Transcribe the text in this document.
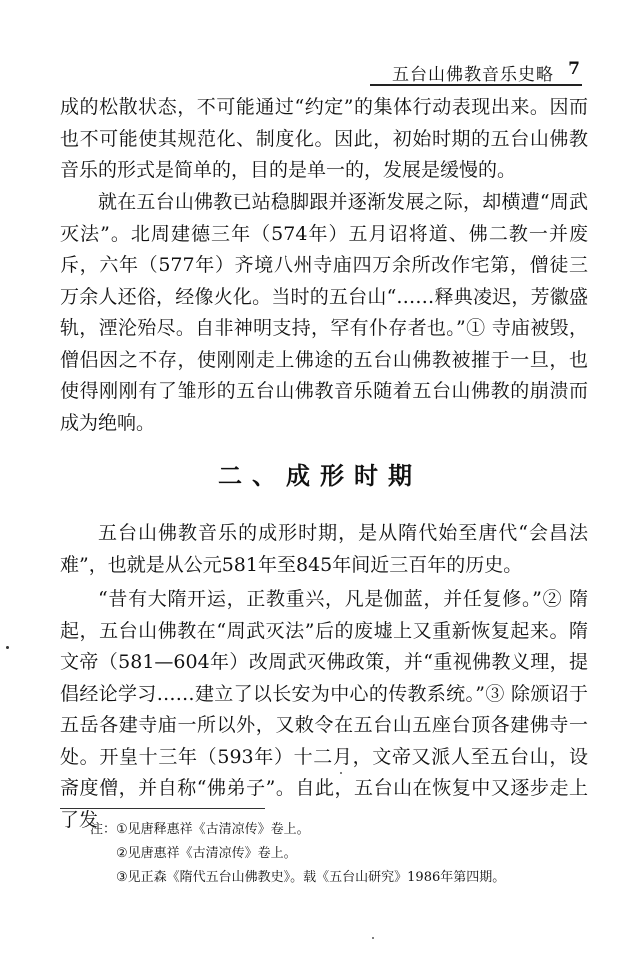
五台山佛教音乐史略 7

成的松散状态，不可能通过“约定”的集体行动表现出来。因而也不可能使其规范化、制度化。因此，初始时期的五台山佛教音乐的形式是简单的，目的是单一的，发展是缓慢的。

就在五台山佛教已站稳脚跟并逐渐发展之际，却横遭“周武灭法”。北周建德三年（574年）五月诏将道、佛二教一并废斥，六年（577年）齐境八州寺庙四万余所改作宅第，僧徒三万余人还俗，经像火化。当时的五台山“……释典凌迟，芳徽盛轨，湮沦殆尽。自非神明支持，罕有仆存者也。”① 寺庙被毁，僧侣因之不存，使刚刚走上佛途的五台山佛教被摧于一旦，也使得刚刚有了雏形的五台山佛教音乐随着五台山佛教的崩溃而成为绝响。

二、成形时期

五台山佛教音乐的成形时期，是从隋代始至唐代“会昌法难”，也就是从公元581年至845年间近三百年的历史。

“昔有大隋开运，正教重兴，凡是伽蓝，并任复修。”② 隋起，五台山佛教在“周武灭法”后的废墟上又重新恢复起来。隋文帝（581—604年）改周武灭佛政策，并“重视佛教义理，提倡经论学习……建立了以长安为中心的传教系统。”③ 除颁诏于五岳各建寺庙一所以外，又敕令在五台山五座台顶各建佛寺一处。开皇十三年（593年）十二月，文帝又派人至五台山，设斋度僧，并自称“佛弟子”。自此，五台山在恢复中又逐步走上了发

注： ① 见唐释惠祥《古清凉传》卷上。
② 见唐惠祥《古清凉传》卷上。
③ 见正森《隋代五台山佛教史》。载《五台山研究》1986年第四期。
